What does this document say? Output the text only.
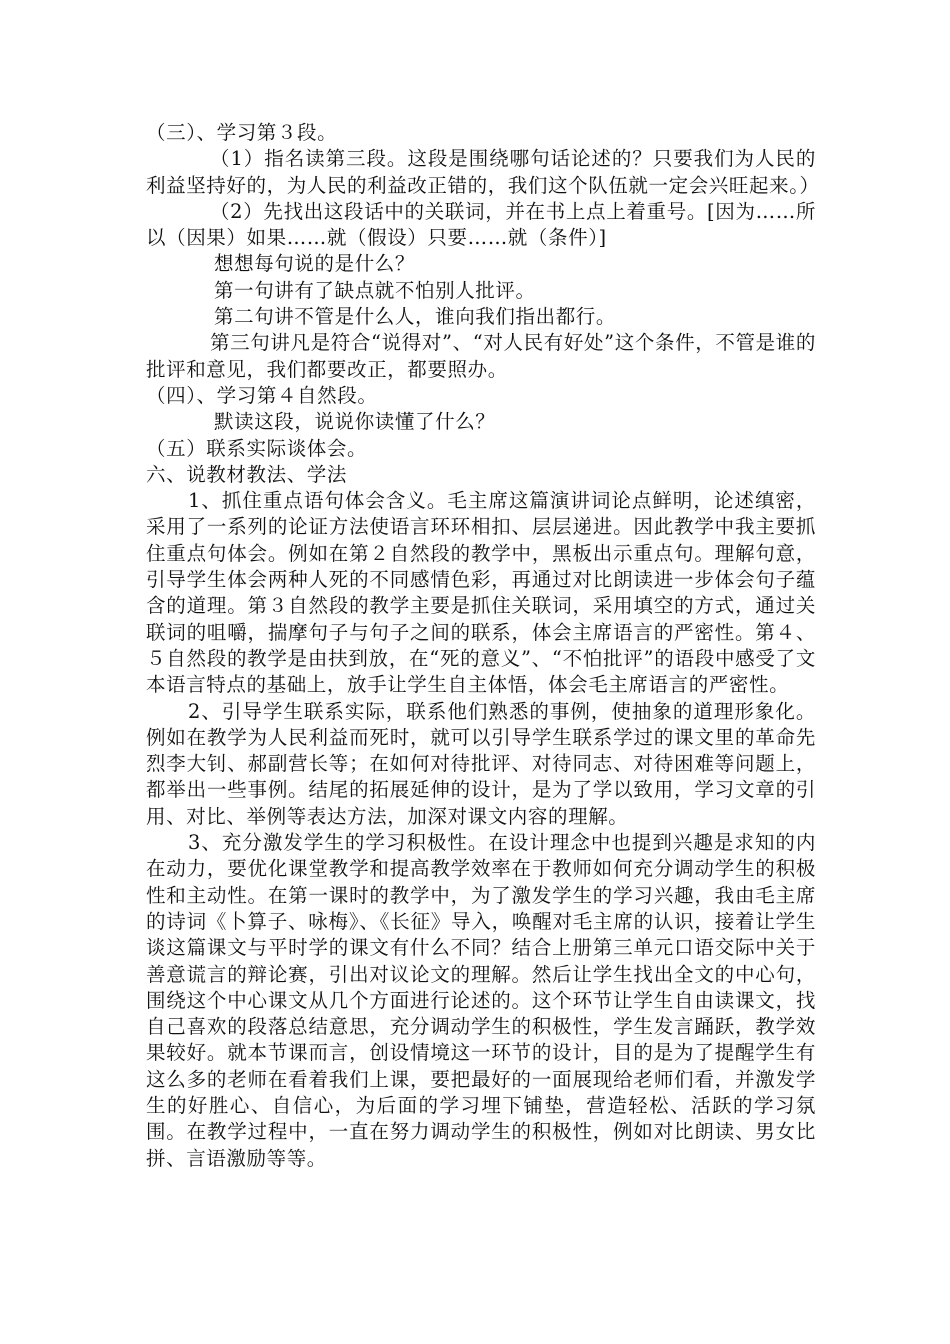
（三）、学习第３段。

（1）指名读第三段。这段是围绕哪句话论述的？只要我们为人民的利益坚持好的，为人民的利益改正错的，我们这个队伍就一定会兴旺起来。）

（2）先找出这段话中的关联词，并在书上点上着重号。[因为……所以（因果）如果……就（假设）只要……就（条件）]

想想每句说的是什么？

第一句讲有了缺点就不怕别人批评。

第二句讲不管是什么人，谁向我们指出都行。

第三句讲凡是符合“说得对”、“对人民有好处”这个条件，不管是谁的批评和意见，我们都要改正，都要照办。

（四）、学习第４自然段。

默读这段，说说你读懂了什么？

（五）联系实际谈体会。

六、说教材教法、学法

1、抓住重点语句体会含义。毛主席这篇演讲词论点鲜明，论述缜密，采用了一系列的论证方法使语言环环相扣、层层递进。因此教学中我主要抓住重点句体会。例如在第２自然段的教学中，黑板出示重点句。理解句意，引导学生体会两种人死的不同感情色彩，再通过对比朗读进一步体会句子蕴含的道理。第３自然段的教学主要是抓住关联词，采用填空的方式，通过关联词的咀嚼，揣摩句子与句子之间的联系，体会主席语言的严密性。第４、５自然段的教学是由扶到放，在“死的意义”、“不怕批评”的语段中感受了文本语言特点的基础上，放手让学生自主体悟，体会毛主席语言的严密性。

2、引导学生联系实际，联系他们熟悉的事例，使抽象的道理形象化。例如在教学为人民利益而死时，就可以引导学生联系学过的课文里的革命先烈李大钊、郝副营长等；在如何对待批评、对待同志、对待困难等问题上，都举出一些事例。结尾的拓展延伸的设计，是为了学以致用，学习文章的引用、对比、举例等表达方法，加深对课文内容的理解。

3、充分激发学生的学习积极性。在设计理念中也提到兴趣是求知的内在动力，要优化课堂教学和提高教学效率在于教师如何充分调动学生的积极性和主动性。在第一课时的教学中，为了激发学生的学习兴趣，我由毛主席的诗词《卜算子、咏梅》、《长征》导入，唤醒对毛主席的认识，接着让学生谈这篇课文与平时学的课文有什么不同？结合上册第三单元口语交际中关于善意谎言的辩论赛，引出对议论文的理解。然后让学生找出全文的中心句，围绕这个中心课文从几个方面进行论述的。这个环节让学生自由读课文，找自己喜欢的段落总结意思，充分调动学生的积极性，学生发言踊跃，教学效果较好。就本节课而言，创设情境这一环节的设计，目的是为了提醒学生有这么多的老师在看着我们上课，要把最好的一面展现给老师们看，并激发学生的好胜心、自信心，为后面的学习埋下铺垫，营造轻松、活跃的学习氛围。在教学过程中，一直在努力调动学生的积极性，例如对比朗读、男女比拼、言语激励等等。
